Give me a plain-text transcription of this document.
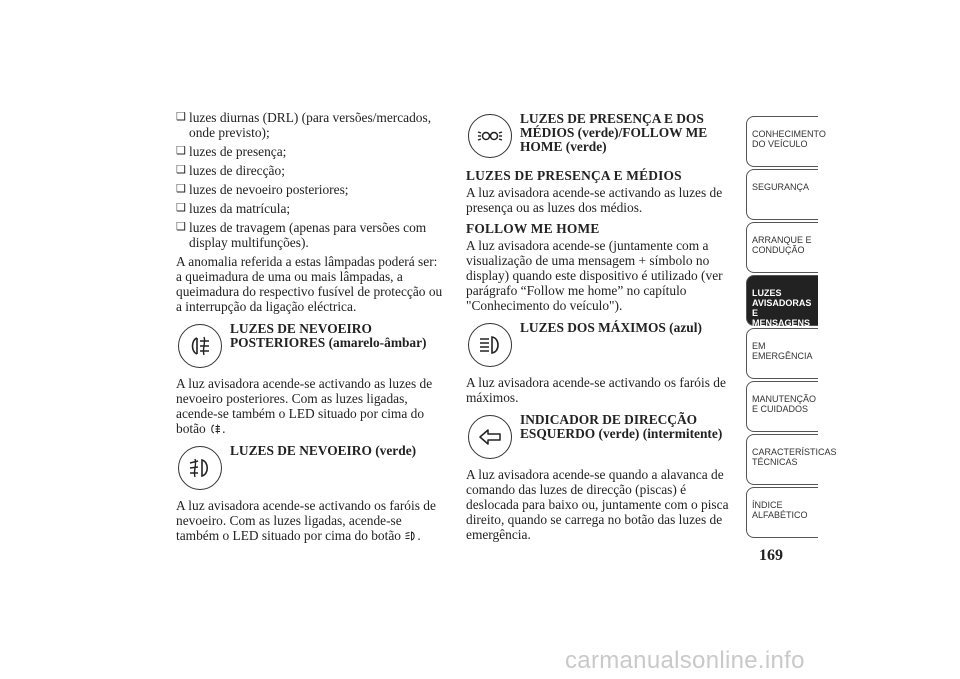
❑ luzes diurnas (DRL) (para versões/mercados, onde previsto);
❑ luzes de presença;
❑ luzes de direcção;
❑ luzes de nevoeiro posteriores;
❑ luzes da matrícula;
❑ luzes de travagem (apenas para versões com display multifunções).

A anomalia referida a estas lâmpadas poderá ser: a queimadura de uma ou mais lâmpadas, a queimadura do respectivo fusível de protecção ou a interrupção da ligação eléctrica.

LUZES DE NEVOEIRO POSTERIORES (amarelo-âmbar)

A luz avisadora acende-se activando as luzes de nevoeiro posteriores. Com as luzes ligadas, acende-se também o LED situado por cima do botão .

LUZES DE NEVOEIRO (verde)

A luz avisadora acende-se activando os faróis de nevoeiro. Com as luzes ligadas, acende-se também o LED situado por cima do botão .

LUZES DE PRESENÇA E DOS MÉDIOS (verde)/FOLLOW ME HOME (verde)
LUZES DE PRESENÇA E MÉDIOS

A luz avisadora acende-se activando as luzes de presença ou as luzes dos médios.

FOLLOW ME HOME

A luz avisadora acende-se (juntamente com a visualização de uma mensagem + símbolo no display) quando este dispositivo é utilizado (ver parágrafo “Follow me home” no capítulo "Conhecimento do veículo").

LUZES DOS MÁXIMOS (azul)

A luz avisadora acende-se activando os faróis de máximos.

INDICADOR DE DIRECÇÃO ESQUERDO (verde) (intermitente)

A luz avisadora acende-se quando a alavanca de comando das luzes de direcção (piscas) é deslocada para baixo ou, juntamente com o pisca direito, quando se carrega no botão das luzes de emergência.

CONHECIMENTO DO VEÍCULO
SEGURANÇA
ARRANQUE E CONDUÇÃO
LUZES AVISADORAS E MENSAGENS
EM EMERGÊNCIA
MANUTENÇÃO E CUIDADOS
CARACTERÍSTICAS TÉCNICAS
ÍNDICE ALFABÉTICO
169
carmanualsonline.info
